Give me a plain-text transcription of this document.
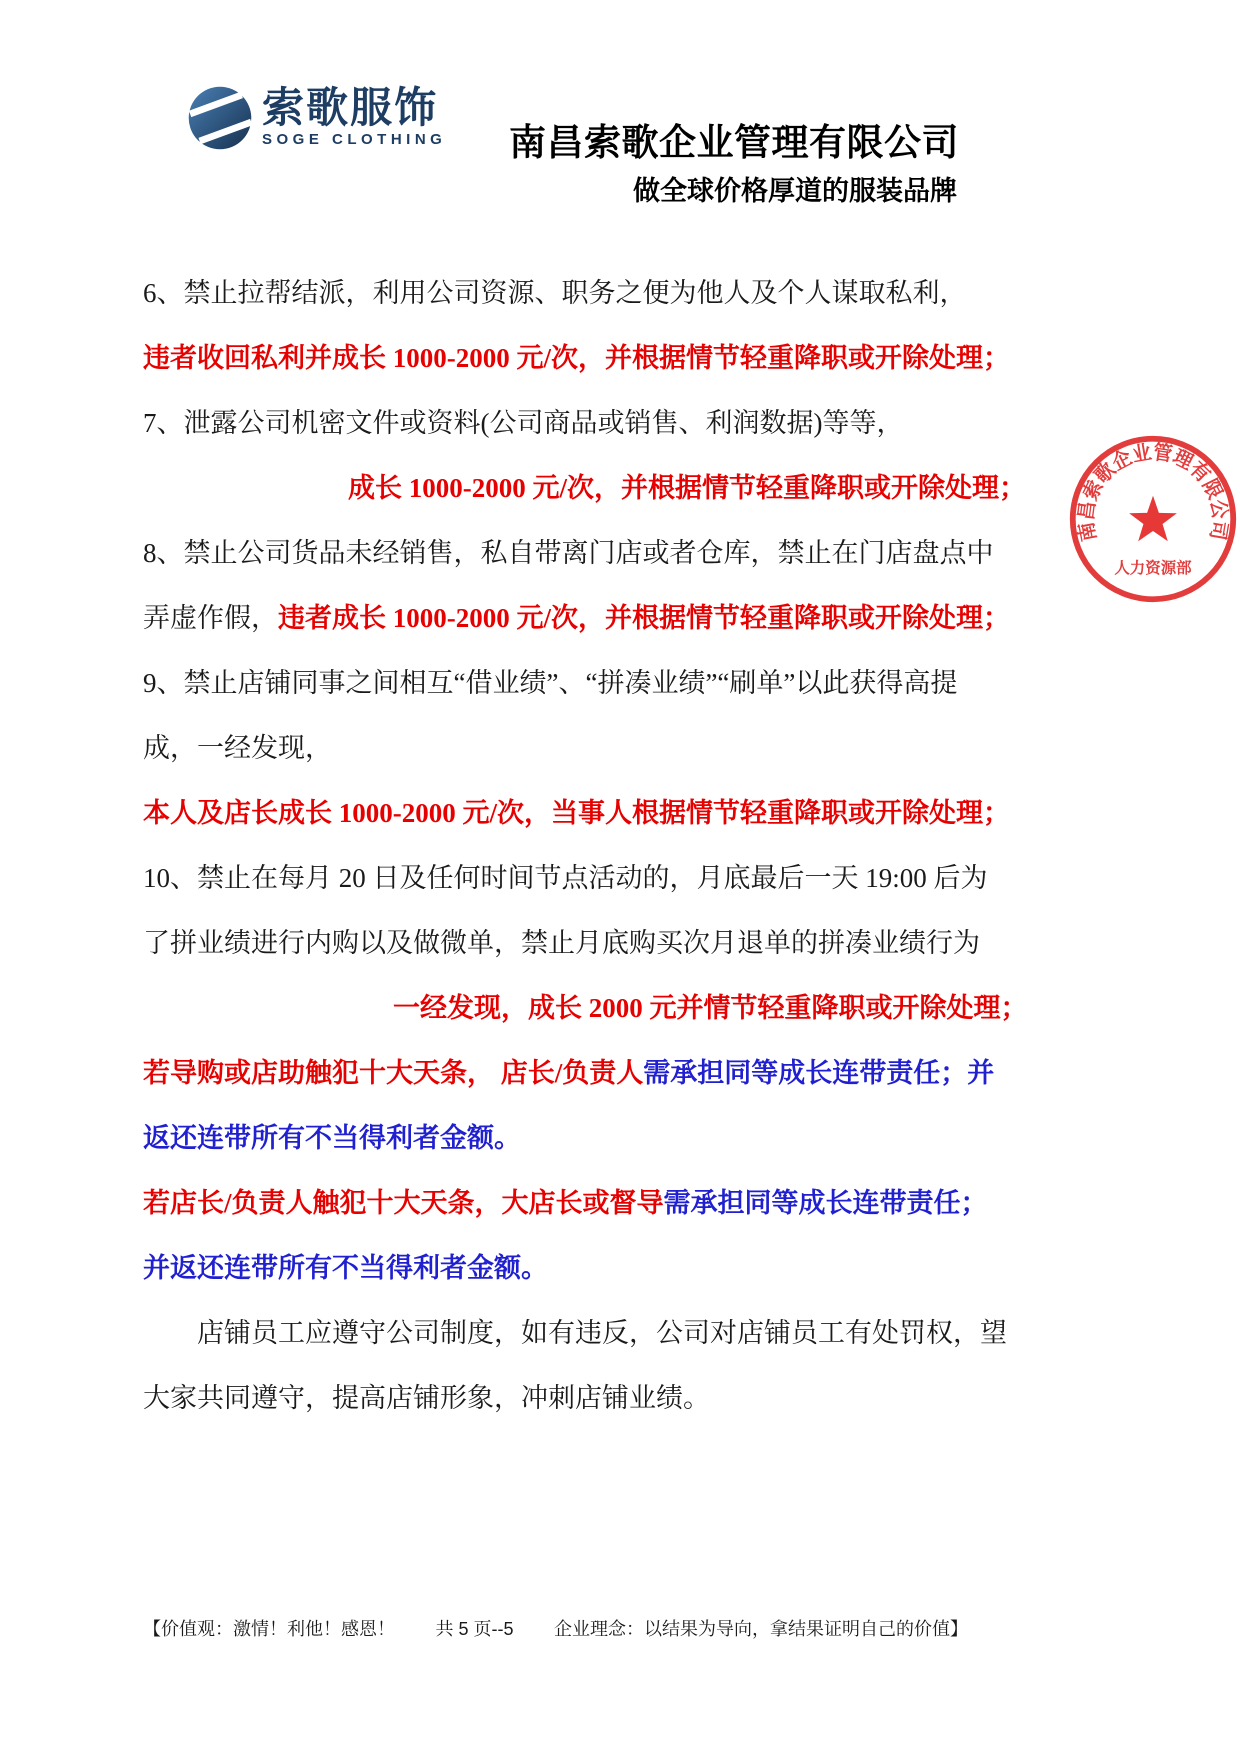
索歌服饰
SOGE CLOTHING 南昌索歌企业管理有限公司
做全球价格厚道的服装品牌
6、禁止拉帮结派，利用公司资源、职务之便为他人及个人谋取私利，
违者收回私利并成长 1000-2000 元/次，并根据情节轻重降职或开除处理；
7、泄露公司机密文件或资料(公司商品或销售、利润数据)等等，
成长 1000-2000 元/次，并根据情节轻重降职或开除处理；
8、禁止公司货品未经销售，私自带离门店或者仓库，禁止在门店盘点中
弄虚作假， 违者成长 1000-2000 元/次，并根据情节轻重降职或开除处理；
9、禁止店铺同事之间相互“借业绩”、“拼凑业绩”“刷单”以此获得高提
成，一经发现，
本人及店长成长 1000-2000 元/次，当事人根据情节轻重降职或开除处理；
10、禁止在每月 20 日及任何时间节点活动的，月底最后一天 19:00 后为
了拼业绩进行内购以及做微单，禁止月底购买次月退单的拼凑业绩行为
一经发现，成长 2000 元并情节轻重降职或开除处理；
若导购或店助触犯十大天条， 店长/负责人 需承担同等成长连带责任；并
返还连带所有不当得利者金额。
若店长/负责人触犯十大天条，大店长或督导 需承担同等成长连带责任；
并返还连带所有不当得利者金额。
店铺员工应遵守公司制度，如有违反，公司对店铺员工有处罚权，望
大家共同遵守，提高店铺形象，冲刺店铺业绩。
南昌索歌企业管理有限公司
人力资源部
【价值观：激情！利他！感恩！ 共 5 页--5 企业理念：以结果为导向，拿结果证明自己的价值】
